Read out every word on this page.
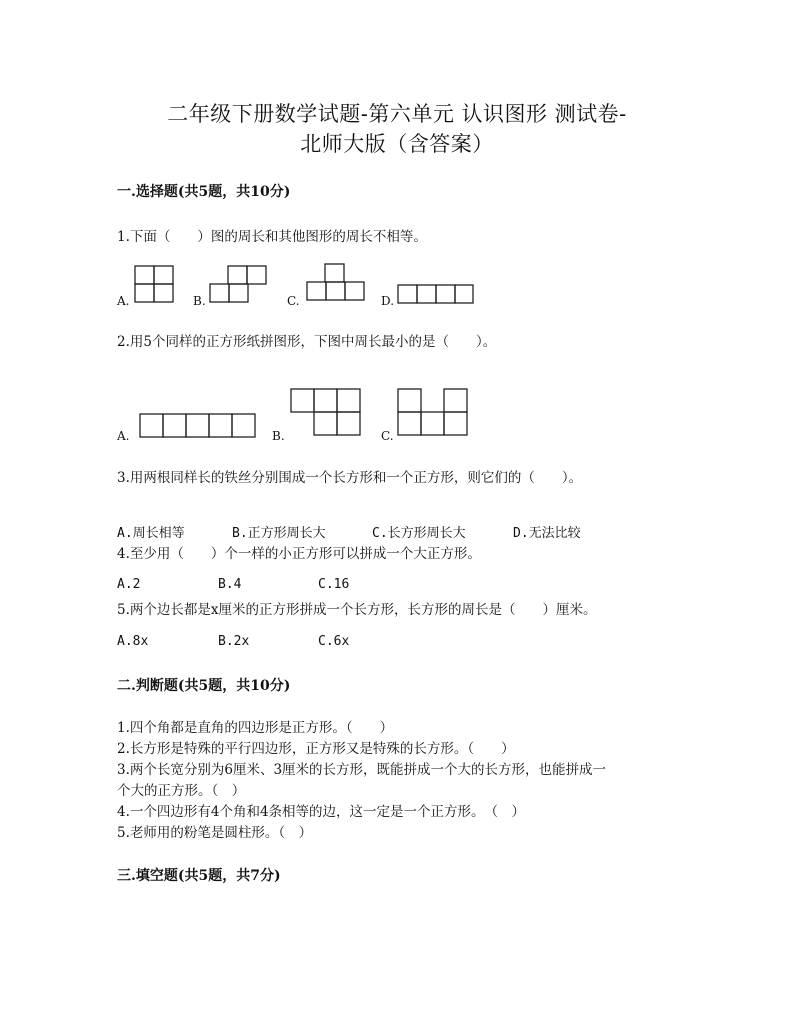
二年级下册数学试题-第六单元 认识图形 测试卷-
北师大版（含答案）
一.选择题(共5题，共10分)
1.下面（　　）图的周长和其他图形的周长不相等。
A.	B.	C.	D.
2.用5个同样的正方形纸拼图形，下图中周长最小的是（　　）。
A.	B.	C.
3.用两根同样长的铁丝分别围成一个长方形和一个正方形，则它们的（　　）。
A.周长相等	B.正方形周长大	C.长方形周长大	D.无法比较
4.至少用（　　）个一样的小正方形可以拼成一个大正方形。
A.2	B.4	C.16
5.两个边长都是x厘米的正方形拼成一个长方形，长方形的周长是（　　）厘米。
A.8x	B.2x	C.6x
二.判断题(共5题，共10分)
1.四个角都是直角的四边形是正方形。（　　）
2.长方形是特殊的平行四边形，正方形又是特殊的长方形。（　　）
3.两个长宽分别为6厘米、3厘米的长方形，既能拼成一个大的长方形，也能拼成一
个大的正方形。（　）
4.一个四边形有4个角和4条相等的边，这一定是一个正方形。　（　）
5.老师用的粉笔是圆柱形。（　）
三.填空题(共5题，共7分)
